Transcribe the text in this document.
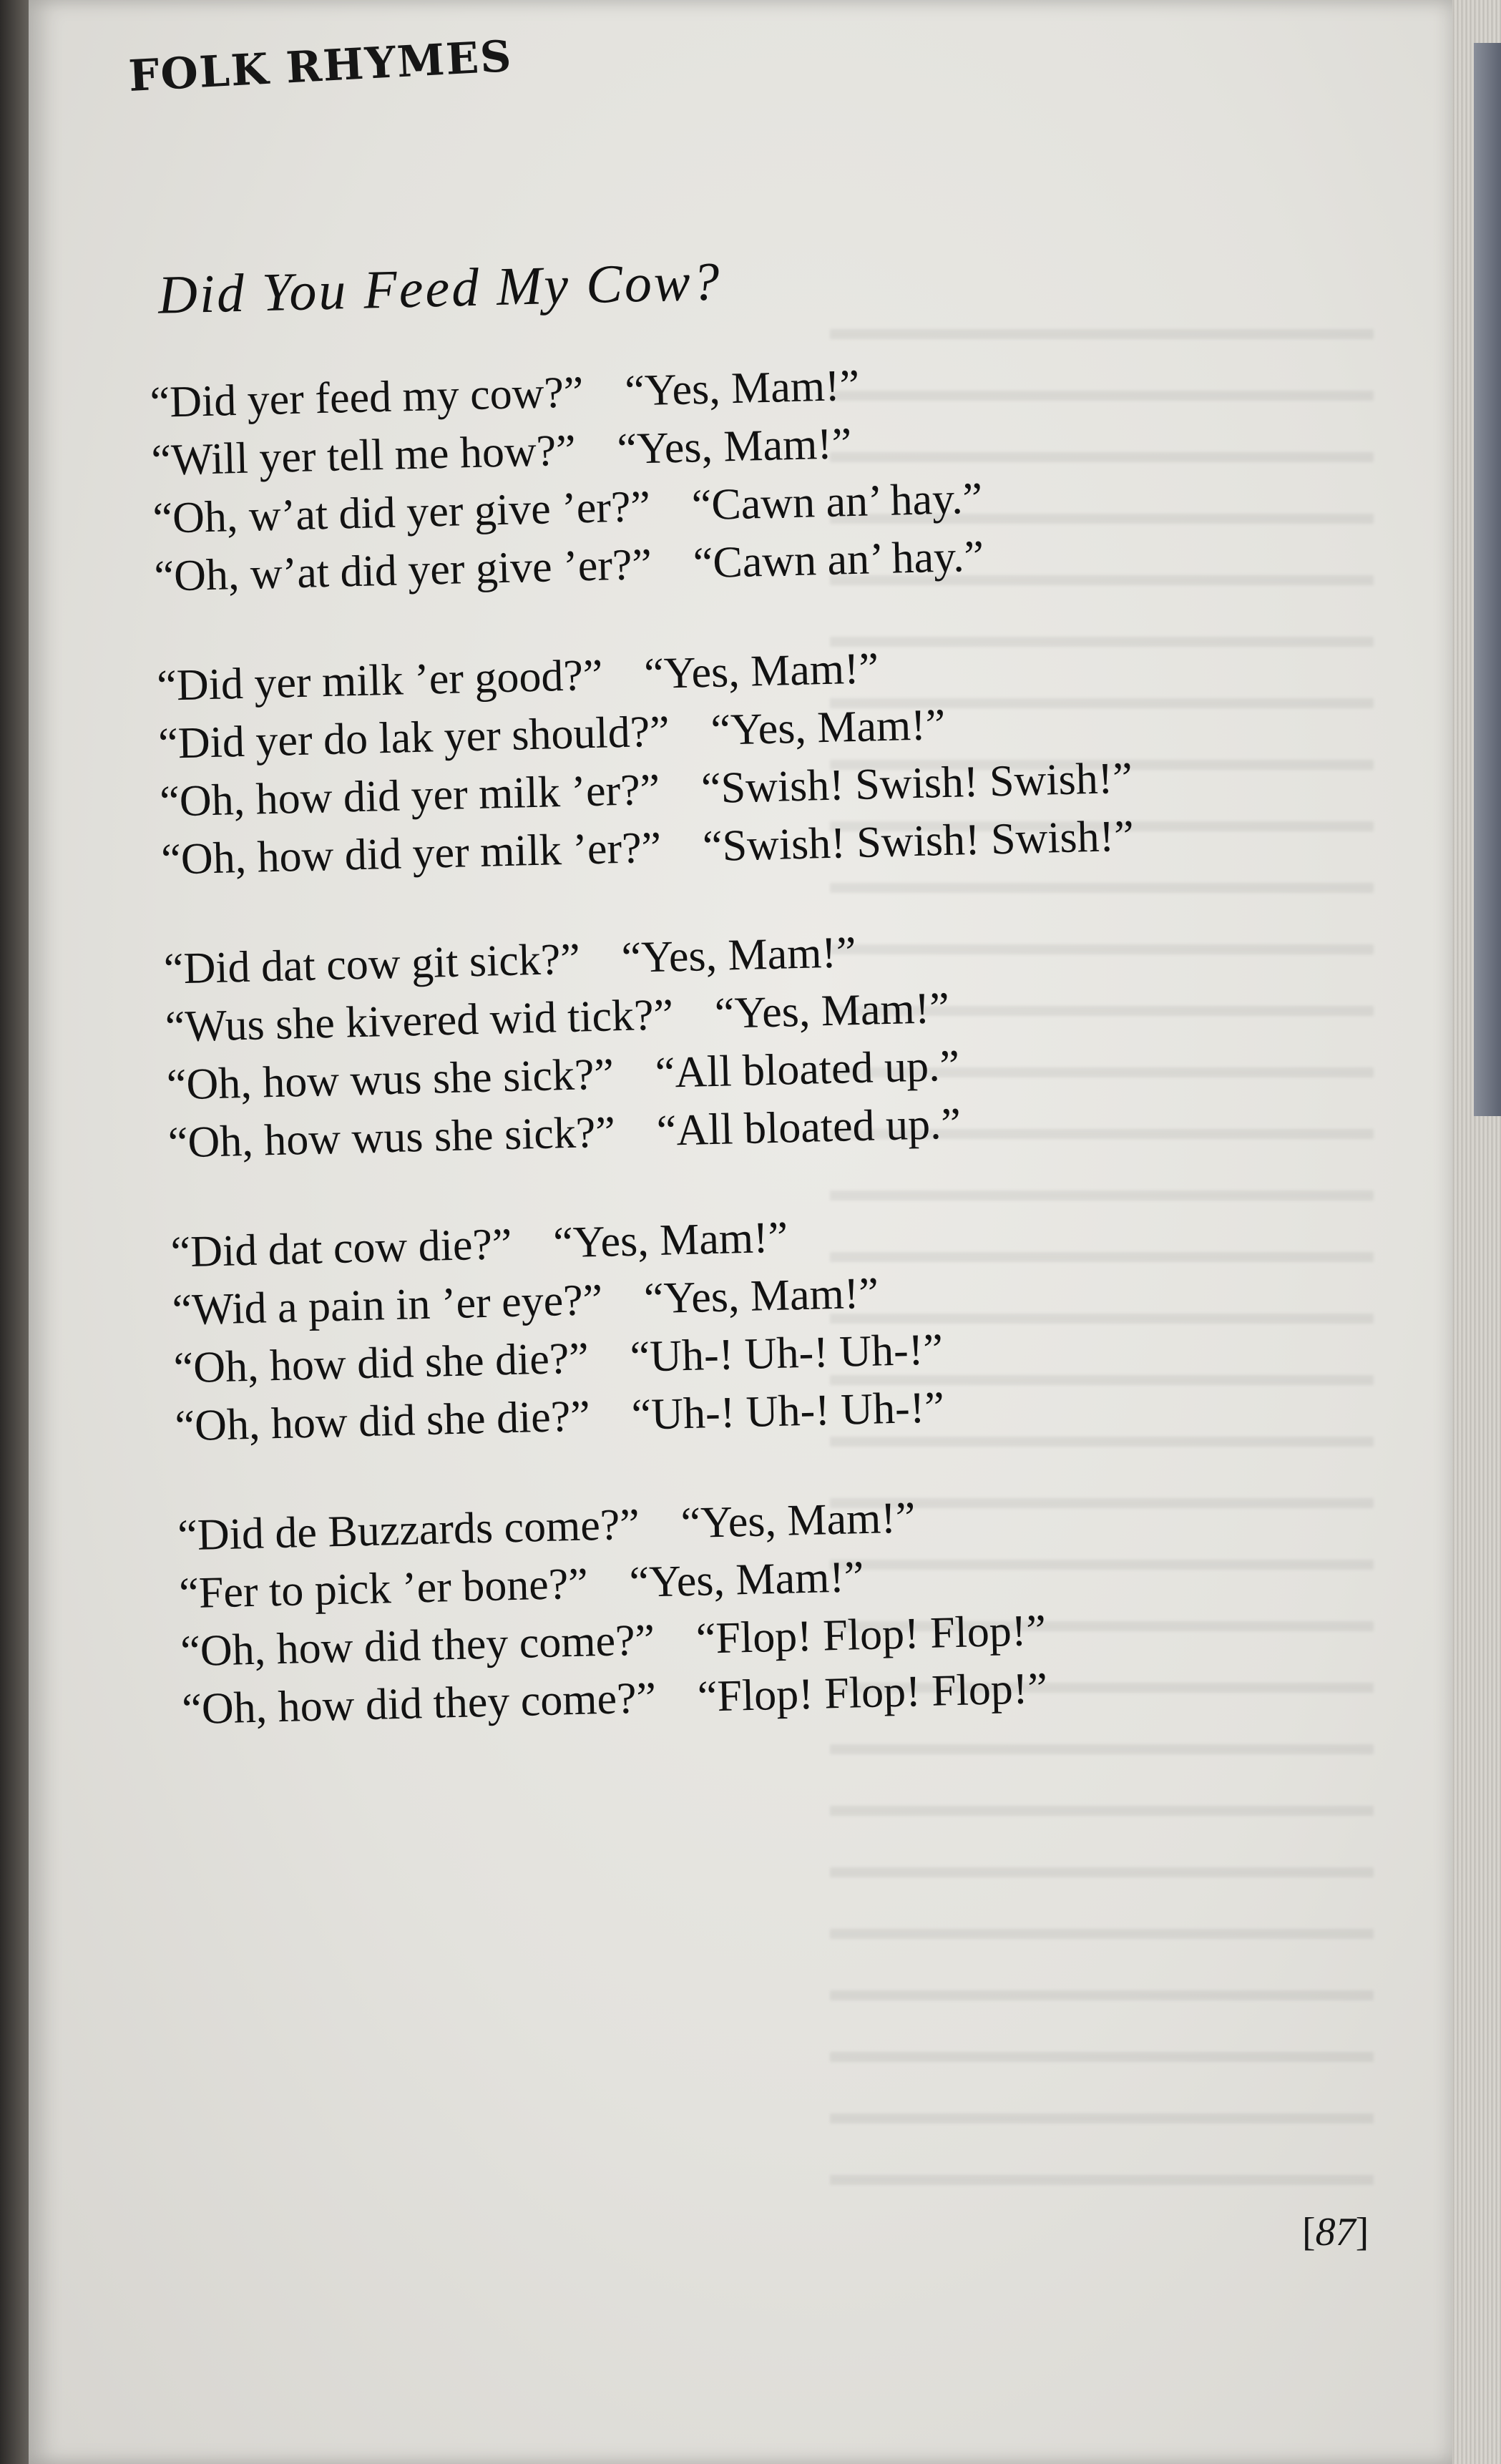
FOLK RHYMES
Did You Feed My Cow?
“Did yer feed my cow?” “Yes, Mam!”
“Will yer tell me how?” “Yes, Mam!”
“Oh, w’at did yer give ’er?” “Cawn an’ hay.”
“Oh, w’at did yer give ’er?” “Cawn an’ hay.”
“Did yer milk ’er good?” “Yes, Mam!”
“Did yer do lak yer should?” “Yes, Mam!”
“Oh, how did yer milk ’er?” “Swish! Swish! Swish!”
“Oh, how did yer milk ’er?” “Swish! Swish! Swish!”
“Did dat cow git sick?” “Yes, Mam!”
“Wus she kivered wid tick?” “Yes, Mam!”
“Oh, how wus she sick?” “All bloated up.”
“Oh, how wus she sick?” “All bloated up.”
“Did dat cow die?” “Yes, Mam!”
“Wid a pain in ’er eye?” “Yes, Mam!”
“Oh, how did she die?” “Uh-! Uh-! Uh-!”
“Oh, how did she die?” “Uh-! Uh-! Uh-!”
“Did de Buzzards come?” “Yes, Mam!”
“Fer to pick ’er bone?” “Yes, Mam!”
“Oh, how did they come?” “Flop! Flop! Flop!”
“Oh, how did they come?” “Flop! Flop! Flop!”
[87]
